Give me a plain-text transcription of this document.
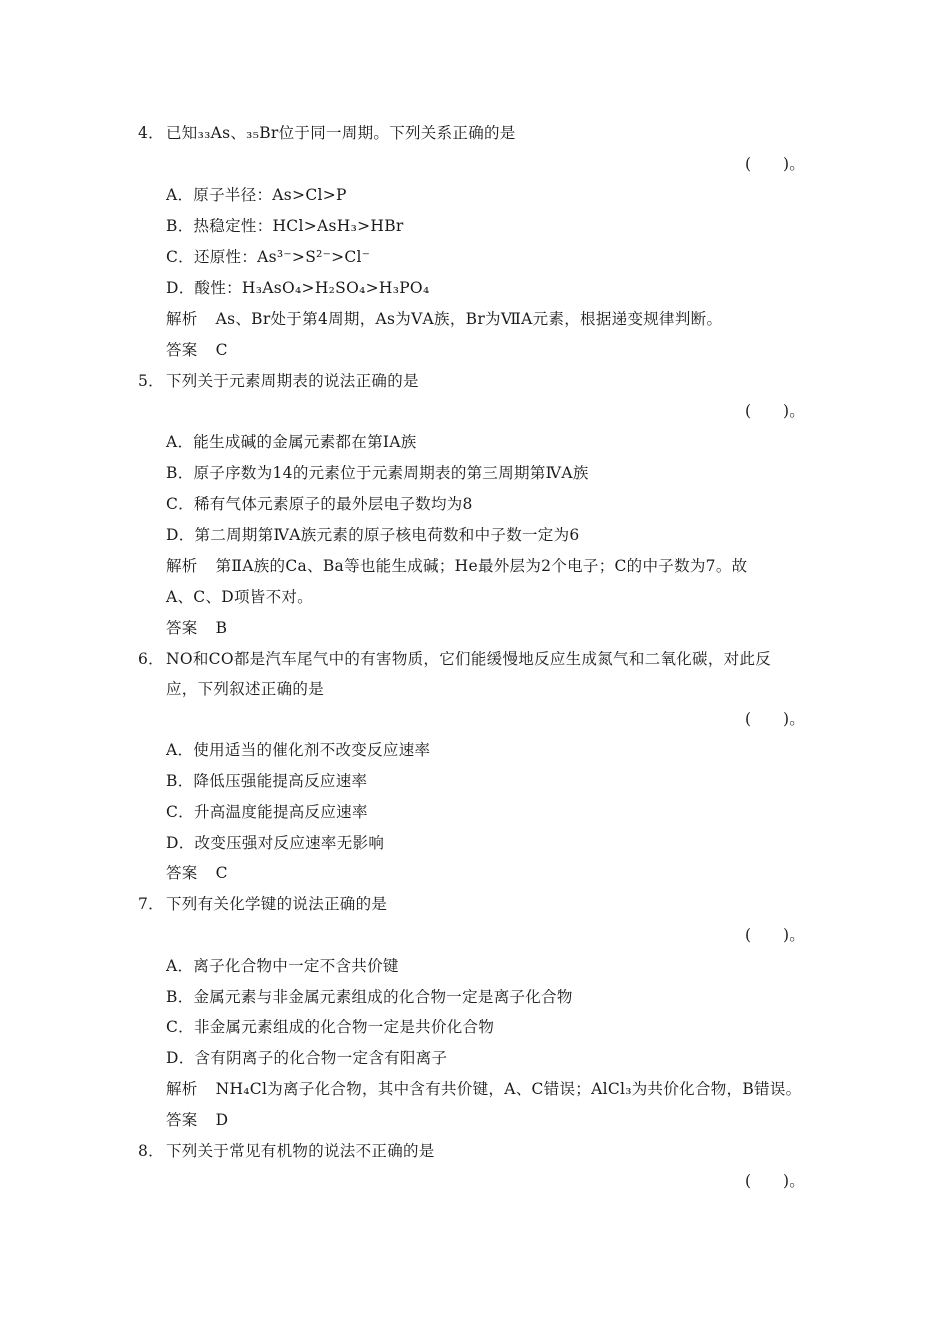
4． 已知₃₃As、₃₅Br位于同一周期。下列关系正确的是
(　　)。
A．原子半径：As>Cl>P
B．热稳定性：HCl>AsH₃>HBr
C．还原性：As³⁻>S²⁻>Cl⁻
D．酸性：H₃AsO₄>H₂SO₄>H₃PO₄
解析 As、Br处于第4周期，As为ⅤA族，Br为ⅦA元素，根据递变规律判断。
答案 C
5． 下列关于元素周期表的说法正确的是
(　　)。
A．能生成碱的金属元素都在第ⅠA族
B．原子序数为14的元素位于元素周期表的第三周期第ⅣA族
C．稀有气体元素原子的最外层电子数均为8
D．第二周期第ⅣA族元素的原子核电荷数和中子数一定为6
解析 第ⅡA族的Ca、Ba等也能生成碱；He最外层为2个电子；C的中子数为7。故
A、C、D项皆不对。
答案 B
6． NO和CO都是汽车尾气中的有害物质，它们能缓慢地反应生成氮气和二氧化碳，对此反
应，下列叙述正确的是
(　　)。
A．使用适当的催化剂不改变反应速率
B．降低压强能提高反应速率
C．升高温度能提高反应速率
D．改变压强对反应速率无影响
答案 C
7． 下列有关化学键的说法正确的是
(　　)。
A．离子化合物中一定不含共价键
B．金属元素与非金属元素组成的化合物一定是离子化合物
C．非金属元素组成的化合物一定是共价化合物
D．含有阴离子的化合物一定含有阳离子
解析 NH₄Cl为离子化合物，其中含有共价键，A、C错误；AlCl₃为共价化合物，B错误。
答案 D
8． 下列关于常见有机物的说法不正确的是
(　　)。
